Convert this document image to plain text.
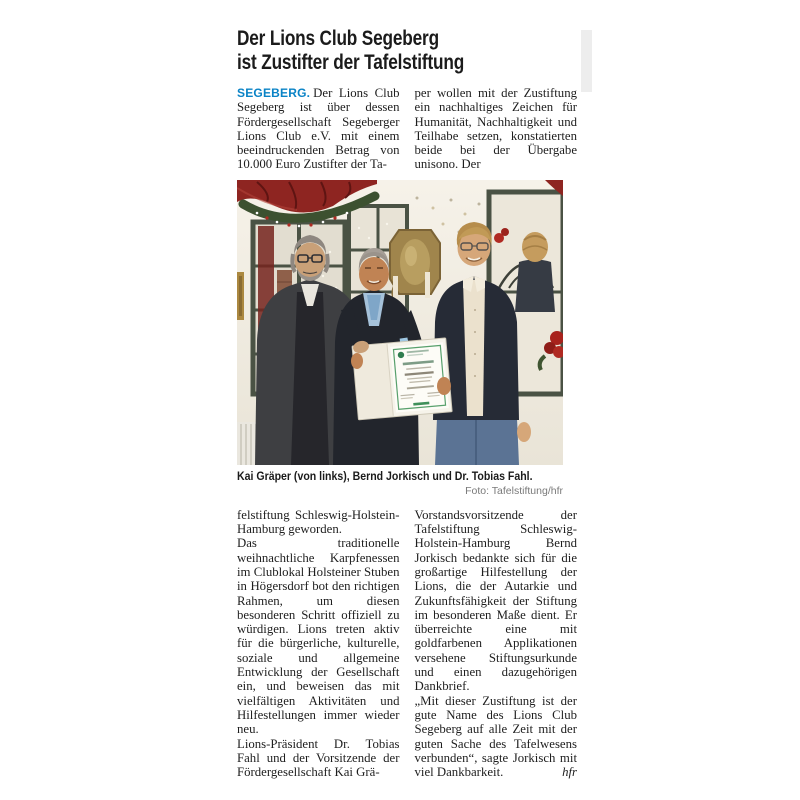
Der Lions Club Segeberg
ist Zustifter der Tafelstiftung

SEGEBERG. Der Lions Club Segeberg ist über dessen Fördergesellschaft Segeberger Lions Club e.V. mit einem beeindruckenden Betrag von 10.000 Euro Zustifter der Ta-

per wollen mit der Zustiftung ein nachhaltiges Zeichen für Humanität, Nachhaltigkeit und Teilhabe setzen, konstatierten beide bei der Übergabe unisono. Der

Kai Gräper (von links), Bernd Jorkisch und Dr. Tobias Fahl.

Foto: Tafelstiftung/hfr

felstiftung Schleswig-Holstein-Hamburg geworden.

Das traditionelle weihnachtliche Karpfenessen im Clublokal Holsteiner Stuben in Högersdorf bot den richtigen Rahmen, um diesen besonderen Schritt offiziell zu würdigen. Lions treten aktiv für die bürgerliche, kulturelle, soziale und allgemeine Entwicklung der Gesellschaft ein, und beweisen das mit vielfältigen Aktivitäten und Hilfestellungen immer wieder neu.

Lions-Präsident Dr. Tobias Fahl und der Vorsitzende der Fördergesellschaft Kai Grä-

Vorstandsvorsitzende der Tafelstiftung Schleswig-Holstein-Hamburg Bernd Jorkisch bedankte sich für die großartige Hilfestellung der Lions, die der Autarkie und Zukunftsfähigkeit der Stiftung im besonderen Maße dient. Er überreichte eine mit goldfarbenen Applikationen versehene Stiftungsurkunde und einen dazugehörigen Dankbrief.

„Mit dieser Zustiftung ist der gute Name des Lions Club Segeberg auf alle Zeit mit der guten Sache des Tafelwesens verbunden“, sagte Jorkisch mit viel Dankbarkeit.	hfr
